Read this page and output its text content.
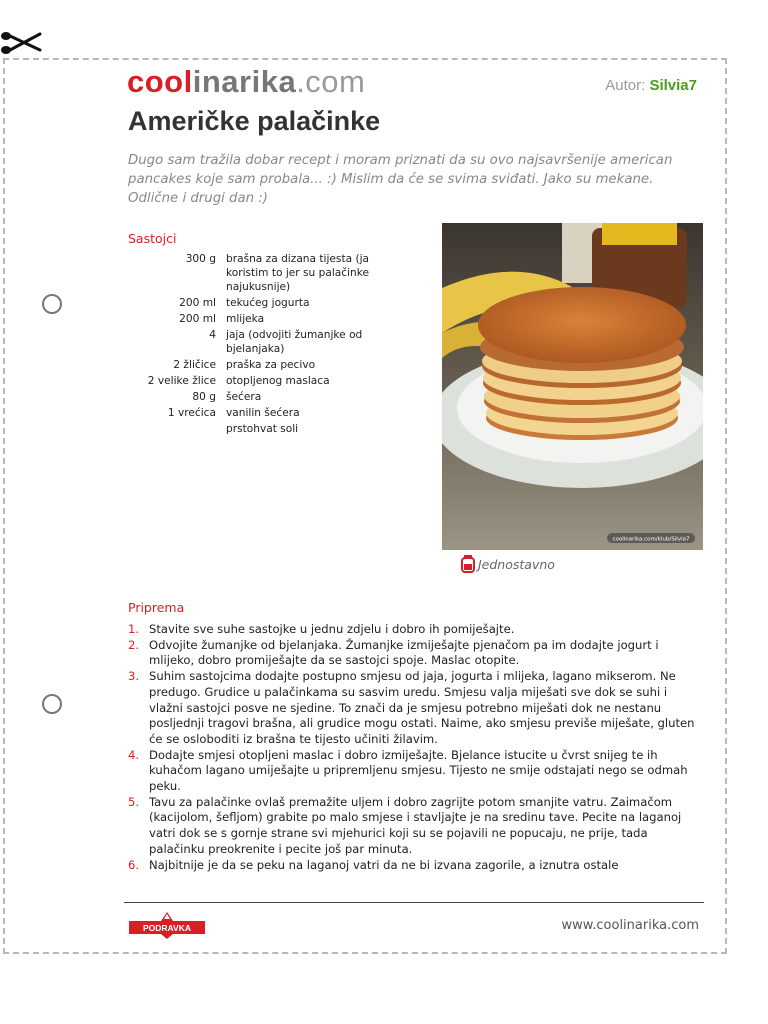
coolinarika.com	Autor: Silvia7
Američke palačinke

Dugo sam tražila dobar recept i moram priznati da su ovo najsavršenije american pancakes koje sam probala... :) Mislim da će se svima sviđati. Jako su mekane. Odlične i drugi dan :)

Sastojci
300 g	brašna za dizana tijesta (ja koristim to jer su palačinke najukusnije)
200 ml	tekućeg jogurta
200 ml	mlijeka
4	jaja (odvojiti žumanjke od bjelanjaka)
2 žličice	praška za pecivo
2 velike žlice	otopljenog maslaca
80 g	šećera
1 vrećica	vanilin šećera
	prstohvat soli
coolinarika.com/klub/Silvia7
Jednostavno
Priprema
1. Stavite sve suhe sastojke u jednu zdjelu i dobro ih pomiješajte.
2. Odvojite žumanjke od bjelanjaka. Žumanjke izmiješajte pjenačom pa im dodajte jogurt i mlijeko, dobro promiješajte da se sastojci spoje. Maslac otopite.
3. Suhim sastojcima dodajte postupno smjesu od jaja, jogurta i mlijeka, lagano mikserom. Ne predugo. Grudice u palačinkama su sasvim uredu. Smjesu valja miješati sve dok se suhi i vlažni sastojci posve ne sjedine. To znači da je smjesu potrebno miješati dok ne nestanu posljednji tragovi brašna, ali grudice mogu ostati. Naime, ako smjesu previše miješate, gluten će se osloboditi iz brašna te tijesto učiniti žilavim.
4. Dodajte smjesi otopljeni maslac i dobro izmiješajte. Bjelance istucite u čvrst snijeg te ih kuhačom lagano umiješajte u pripremljenu smjesu. Tijesto ne smije odstajati nego se odmah peku.
5. Tavu za palačinke ovlaš premažite uljem i dobro zagrijte potom smanjite vatru. Zaimačom (kacijolom, šefljom) grabite po malo smjese i stavljajte je na sredinu tave. Pecite na laganoj vatri dok se s gornje strane svi mjehurici koji su se pojavili ne popucaju, ne prije, tada palačinku preokrenite i pecite još par minuta.
6. Najbitnije je da se peku na laganoj vatri da ne bi izvana zagorile, a iznutra ostale
PODRAVKA	www.coolinarika.com
